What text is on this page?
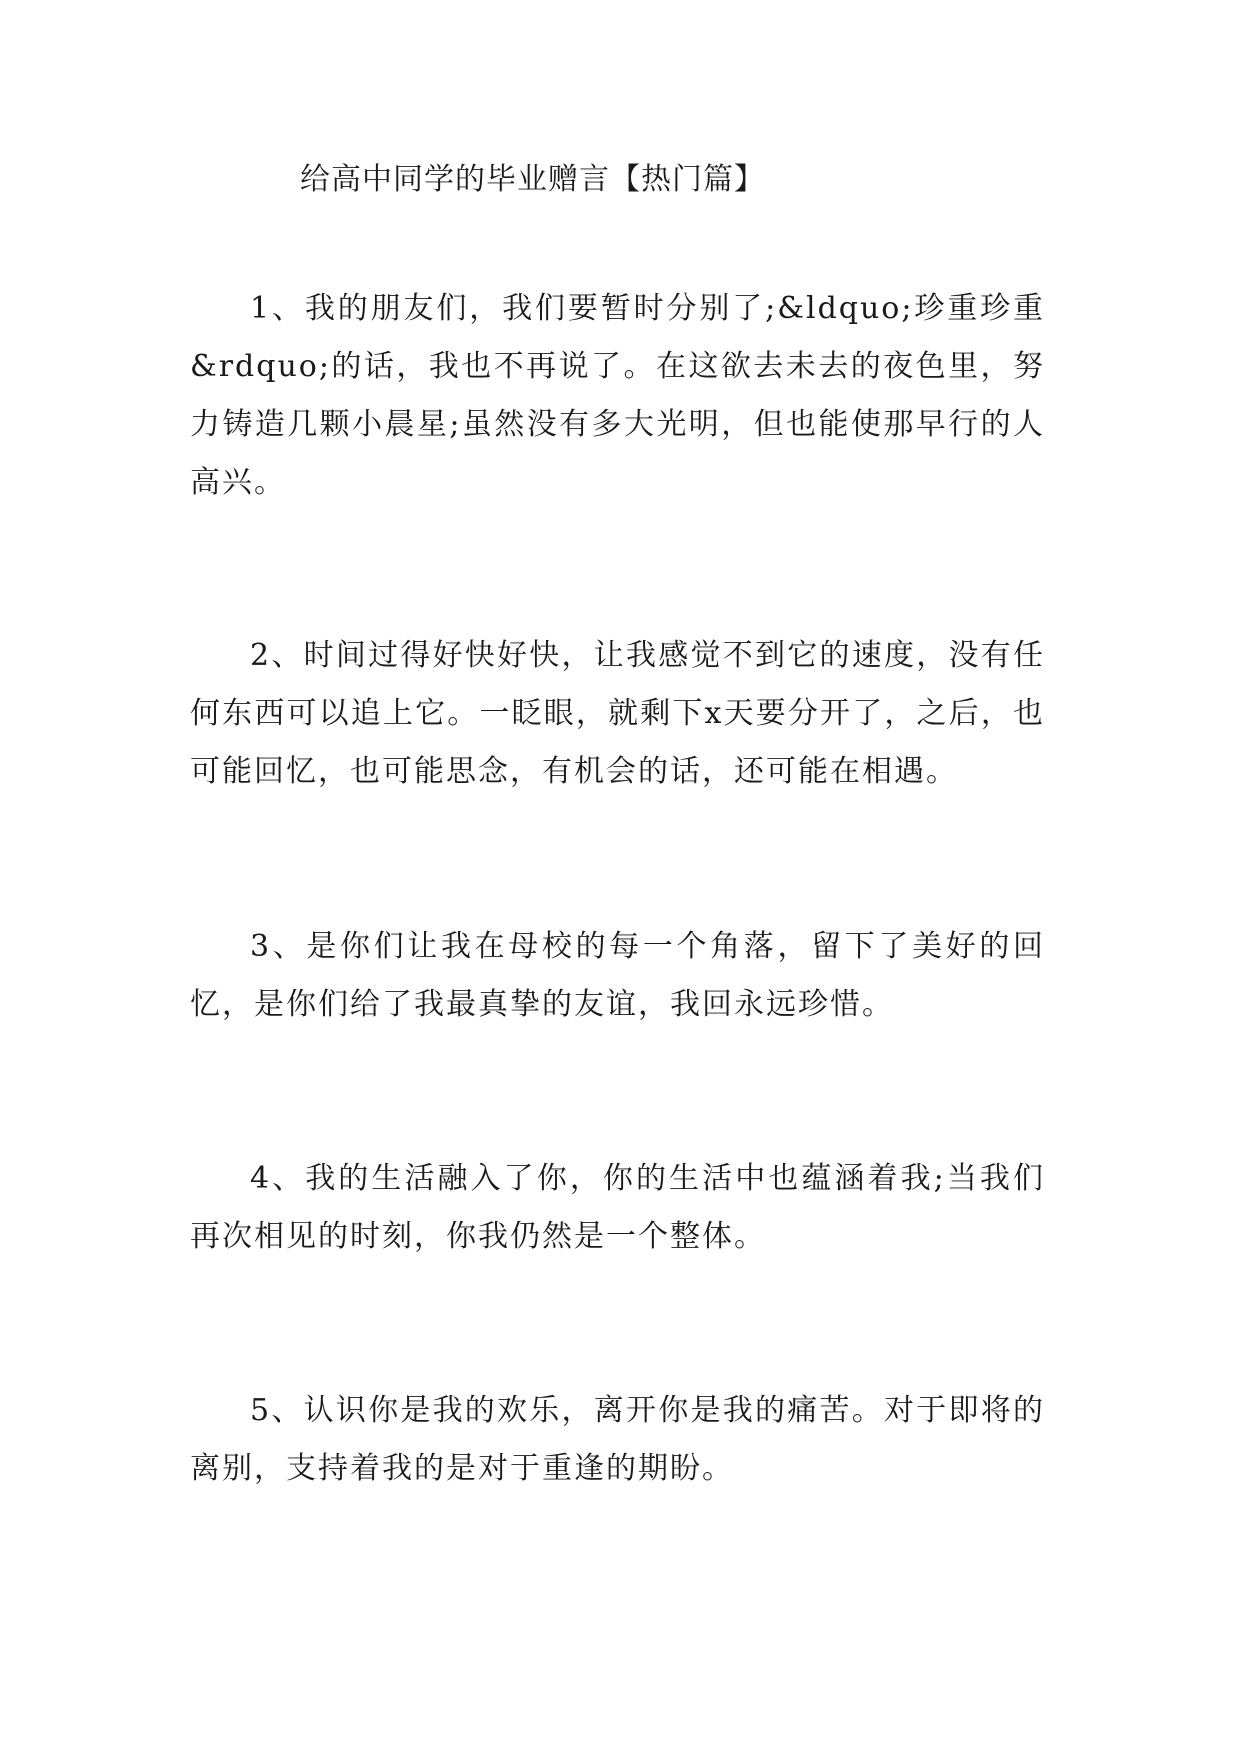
给高中同学的毕业赠言【热门篇】

1、我的朋友们，我们要暂时分别了;&ldquo;珍重珍重&rdquo;的话，我也不再说了。在这欲去未去的夜色里，努力铸造几颗小晨星;虽然没有多大光明，但也能使那早行的人高兴。

2、时间过得好快好快，让我感觉不到它的速度，没有任何东西可以追上它。一眨眼，就剩下x天要分开了，之后，也可能回忆，也可能思念，有机会的话，还可能在相遇。

3、是你们让我在母校的每一个角落，留下了美好的回忆，是你们给了我最真挚的友谊，我回永远珍惜。

4、我的生活融入了你，你的生活中也蕴涵着我;当我们再次相见的时刻，你我仍然是一个整体。

5、认识你是我的欢乐，离开你是我的痛苦。对于即将的离别，支持着我的是对于重逢的期盼。
